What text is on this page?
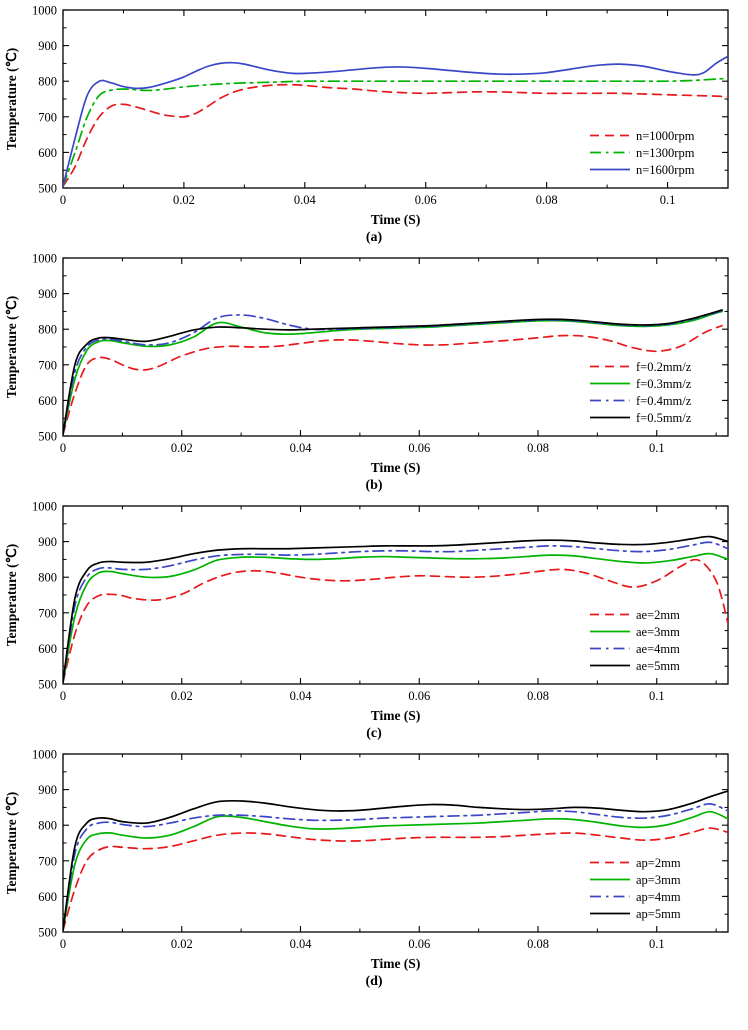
0	0.02	0.04	0.06	0.08	0.1
500
600
700
800
900
1000
Time (S)
Temperature (℃)	n=1000rpm
n=1300rpm
n=1600rpm
(a)
0	0.02	0.04	0.06	0.08	0.1
500
600
700
800
900
1000
Time (S)
Temperature (℃)	f=0.2mm/z
f=0.3mm/z
f=0.4mm/z
f=0.5mm/z
(b)
0	0.02	0.04	0.06	0.08	0.1
500
600
700
800
900
1000
Time (S)
Temperature (℃)	ae=2mm
ae=3mm
ae=4mm
ae=5mm
(c)
0	0.02	0.04	0.06	0.08	0.1
500
600
700
800
900
1000
Time (S)
Temperature (℃)	ap=2mm
ap=3mm
ap=4mm
ap=5mm
(d)
